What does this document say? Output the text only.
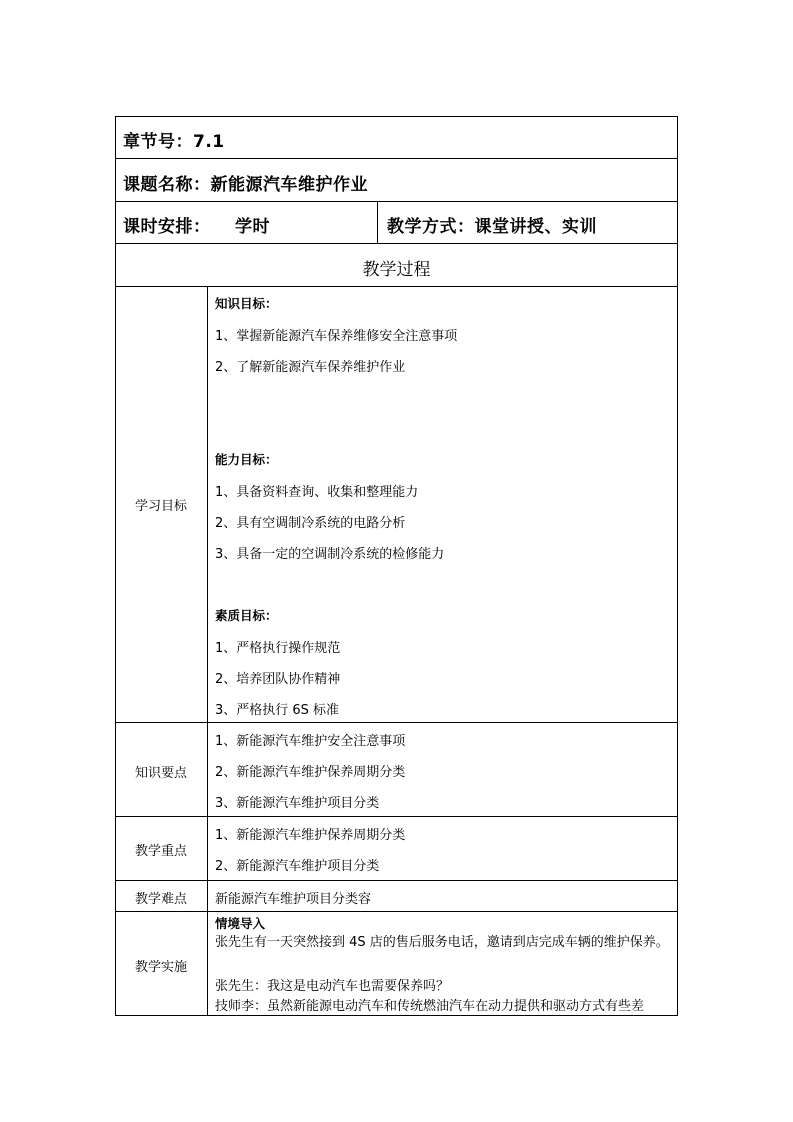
章节号：7.1
课题名称：新能源汽车维护作业
课时安排： 学时	教学方式：课堂讲授、实训
教学过程
学习目标
知识目标：
1、掌握新能源汽车保养维修安全注意事项
2、了解新能源汽车保养维护作业
能力目标：
1、具备资料查询、收集和整理能力
2、具有空调制冷系统的电路分析
3、具备一定的空调制冷系统的检修能力
素质目标：
1、严格执行操作规范
2、培养团队协作精神
3、严格执行 6S 标准
知识要点
1、新能源汽车维护安全注意事项
2、新能源汽车维护保养周期分类
3、新能源汽车维护项目分类
教学重点
1、新能源汽车维护保养周期分类
2、新能源汽车维护项目分类
教学难点	新能源汽车维护项目分类容
教学实施
情境导入
张先生有一天突然接到 4S 店的售后服务电话，邀请到店完成车辆的维护保养。
张先生：我这是电动汽车也需要保养吗？
技师李：虽然新能源电动汽车和传统燃油汽车在动力提供和驱动方式有些差
